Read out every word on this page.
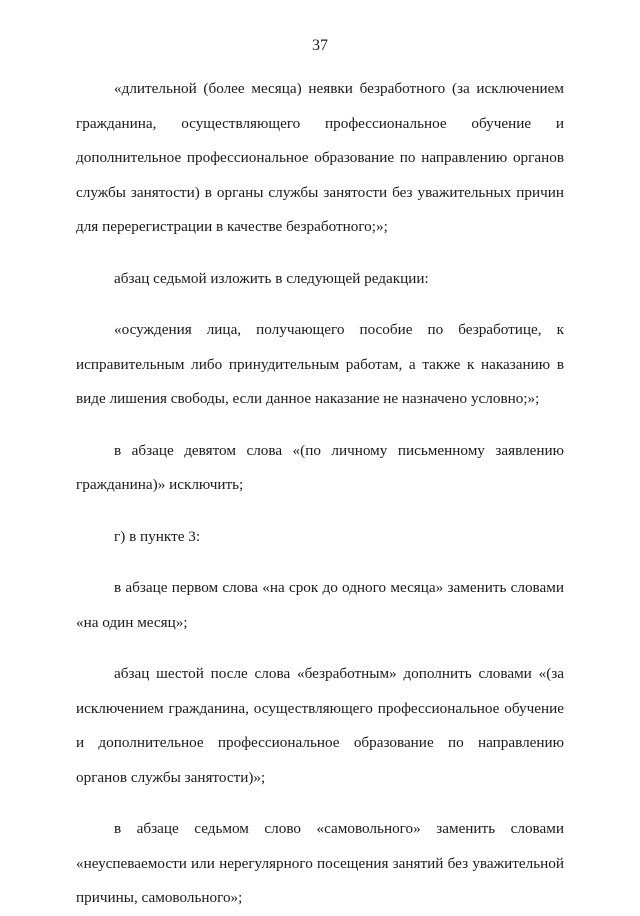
37

«длительной (более месяца) неявки безработного (за исключением гражданина, осуществляющего профессиональное обучение и дополнительное профессиональное образование по направлению органов службы занятости) в органы службы занятости без уважительных причин для перерегистрации в качестве безработного;»;

абзац седьмой изложить в следующей редакции:

«осуждения лица, получающего пособие по безработице, к исправительным либо принудительным работам, а также к наказанию в виде лишения свободы, если данное наказание не назначено условно;»;

в абзаце девятом слова «(по личному письменному заявлению гражданина)» исключить;

г) в пункте 3:

в абзаце первом слова «на срок до одного месяца» заменить словами «на один месяц»;

абзац шестой после слова «безработным» дополнить словами «(за исключением гражданина, осуществляющего профессиональное обучение и дополнительное профессиональное образование по направлению органов службы занятости)»;

в абзаце седьмом слово «самовольного» заменить словами «неуспеваемости или нерегулярного посещения занятий без уважительной причины, самовольного»;
